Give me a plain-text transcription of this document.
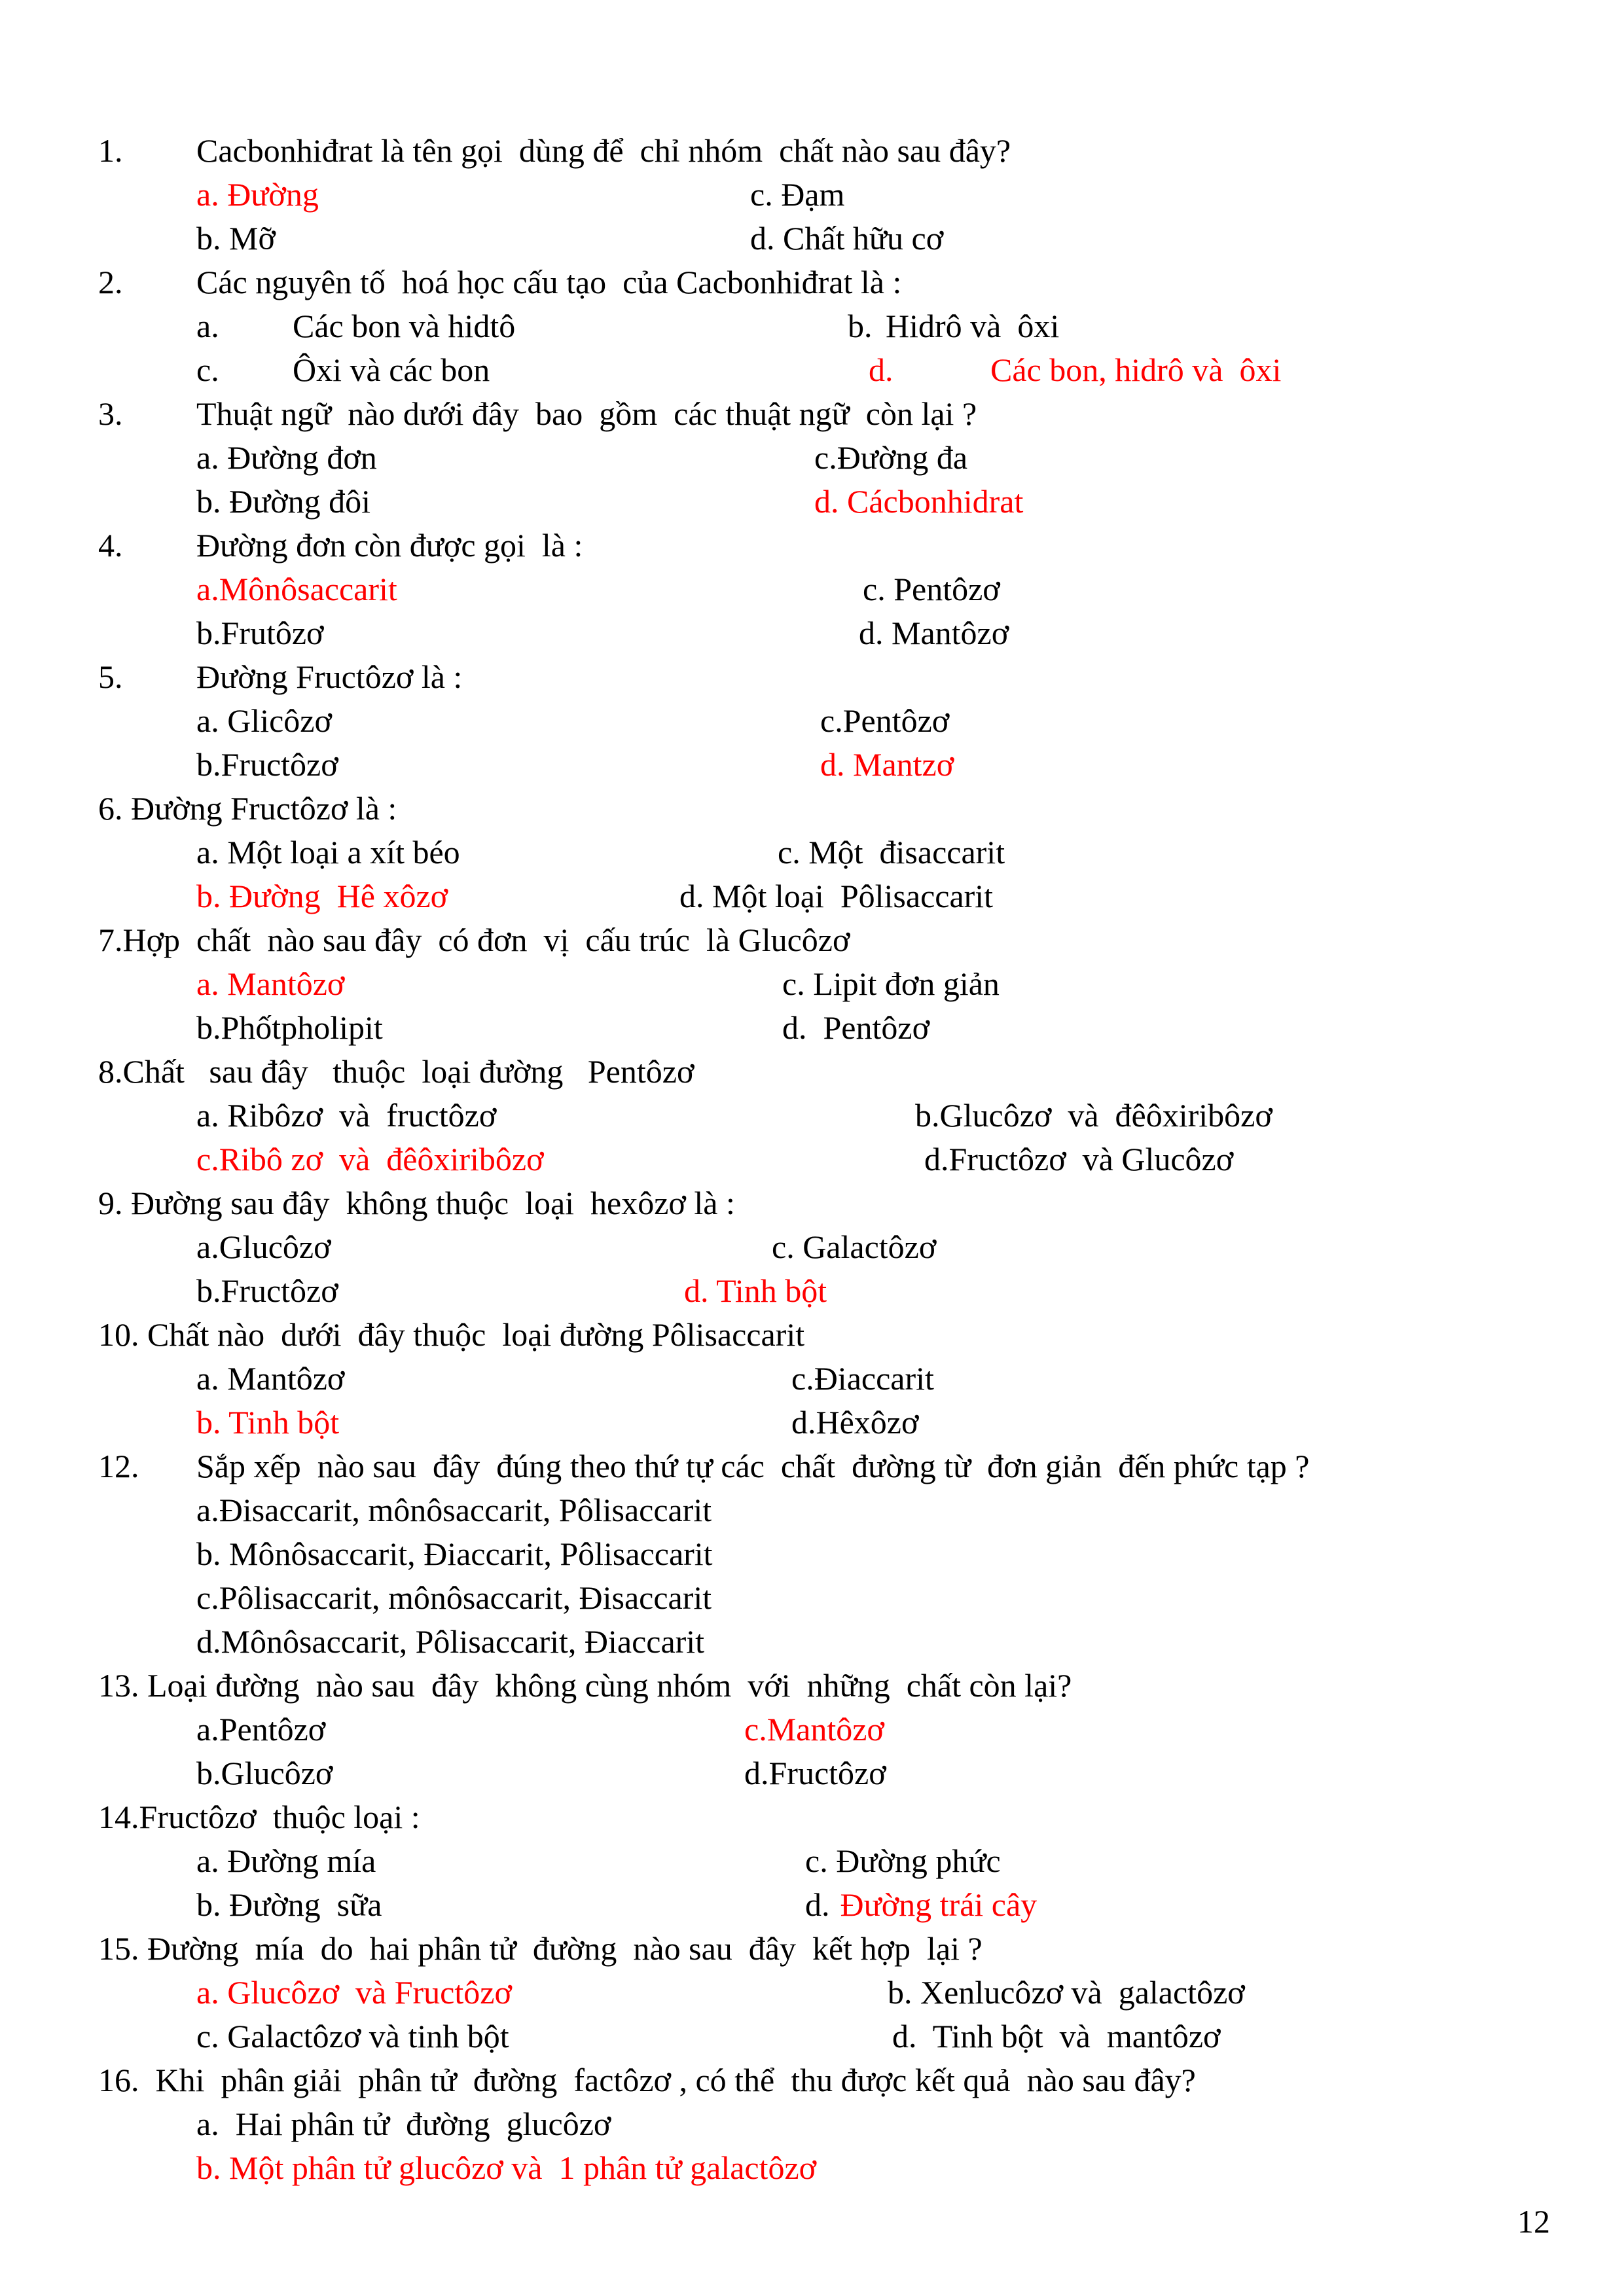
1. Cacbonhiđrat là tên gọi  dùng để  chỉ nhóm  chất nào sau đây?
a. Đường	c. Đạm
b. Mỡ	d. Chất hữu cơ
2. Các nguyên tố  hoá học cấu tạo  của Cacbonhiđrat là :
a. Các bon và hidtô	b. Hidrô và  ôxi
c. Ôxi và các bon	d.	Các bon, hidrô và  ôxi
3. Thuật ngữ  nào dưới đây  bao  gồm  các thuật ngữ  còn lại ?
a. Đường đơn	c.Đường đa
b. Đường đôi	d. Cácbonhidrat
4. Đường đơn còn được gọi  là :
a.Mônôsaccarit	c. Pentôzơ
b.Frutôzơ	d. Mantôzơ
5. Đường Fructôzơ là :
a. Glicôzơ	c.Pentôzơ
b.Fructôzơ	d. Mantzơ
6. Đường Fructôzơ là :
a. Một loại a xít béo	c. Một  đisaccarit
b. Đường  Hê xôzơ	d. Một loại  Pôlisaccarit
7.Hợp  chất  nào sau đây  có đơn  vị  cấu trúc  là Glucôzơ
a. Mantôzơ	c. Lipit đơn giản
b.Phốtpholipit	d.  Pentôzơ
8.Chất   sau đây   thuộc  loại đường   Pentôzơ
a. Ribôzơ  và  fructôzơ	b.Glucôzơ  và  đêôxiribôzơ
c.Ribô zơ  và  đêôxiribôzơ	d.Fructôzơ  và Glucôzơ
9. Đường sau đây  không thuộc  loại  hexôzơ là :
a.Glucôzơ	c. Galactôzơ
b.Fructôzơ	d. Tinh bột
10. Chất nào  dưới  đây thuộc  loại đường Pôlisaccarit
a. Mantôzơ	c.Điaccarit
b. Tinh bột	d.Hêxôzơ
12. Sắp xếp  nào sau  đây  đúng theo thứ tự các  chất  đường từ  đơn giản  đến phức tạp ?
a.Đisaccarit, mônôsaccarit, Pôlisaccarit
b. Mônôsaccarit, Điaccarit, Pôlisaccarit
c.Pôlisaccarit, mônôsaccarit, Đisaccarit
d.Mônôsaccarit, Pôlisaccarit, Điaccarit
13. Loại đường  nào sau  đây  không cùng nhóm  với  những  chất còn lại?
a.Pentôzơ	c.Mantôzơ
b.Glucôzơ	d.Fructôzơ
14.Fructôzơ  thuộc loại :
a. Đường mía	c. Đường phức
b. Đường  sữa	d. Đường trái cây
15. Đường  mía  do  hai phân tử  đường  nào sau  đây  kết hợp  lại ?
a. Glucôzơ  và Fructôzơ	b. Xenlucôzơ và  galactôzơ
c. Galactôzơ và tinh bột	d.  Tinh bột  và  mantôzơ
16.  Khi  phân giải  phân tử  đường  factôzơ , có thể  thu được kết quả  nào sau đây?
a.  Hai phân tử  đường  glucôzơ
b. Một phân tử glucôzơ và  1 phân tử galactôzơ
12
